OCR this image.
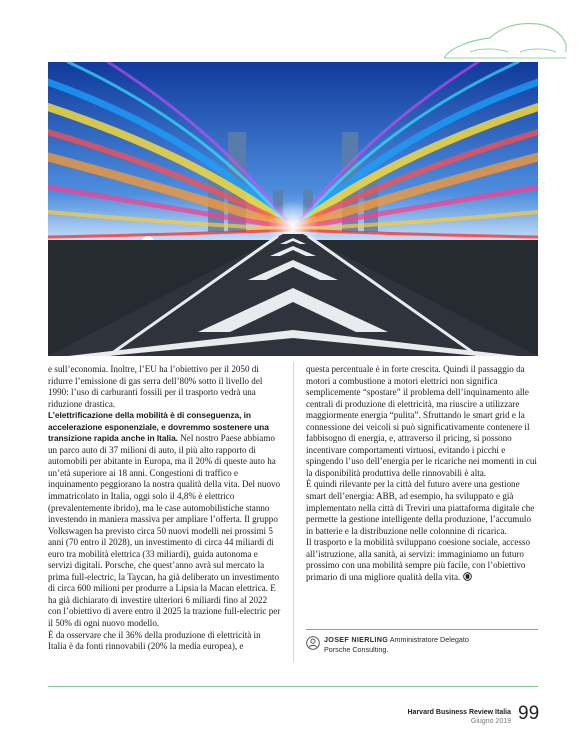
e sull’economia. Inoltre, l’EU ha l’obiettivo per il 2050 di ridurre l’emissione di gas serra dell’80% sotto il livello del 1990: l’uso di carburanti fossili per il trasporto vedrà una riduzione drastica.

L’elettrificazione della mobilità è di conseguenza, in accelerazione esponenziale, e dovremmo sostenere una transizione rapida anche in Italia. Nel nostro Paese abbiamo un parco auto di 37 milioni di auto, il più alto rapporto di automobili per abitante in Europa, ma il 20% di queste auto ha un’età superiore ai 18 anni. Congestioni di traffico e inquinamento peggiorano la nostra qualità della vita. Del nuovo immatricolato in Italia, oggi solo il 4,8% è elettrico (prevalentemente ibrido), ma le case automobilistiche stanno investendo in maniera massiva per ampliare l’offerta. Il gruppo Volkswagen ha previsto circa 50 nuovi modelli nei prossimi 5 anni (70 entro il 2028), un investimento di circa 44 miliardi di euro tra mobilità elettrica (33 miliardi), guida autonoma e servizi digitali. Porsche, che quest’anno avrà sul mercato la prima full-electric, la Taycan, ha già deliberato un investimento di circa 600 milioni per produrre a Lipsia la Macan elettrica. E ha già dichiarato di investire ulteriori 6 miliardi fino al 2022 con l’obiettivo di avere entro il 2025 la trazione full-electric per il 50% di ogni nuovo modello.

È da osservare che il 36% della produzione di elettricità in Italia è da fonti rinnovabili (20% la media europea), e

questa percentuale è in forte crescita. Quindi il passaggio da motori a combustione a motori elettrici non significa semplicemente “spostare” il problema dell’inquinamento alle centrali di produzione di elettricità, ma riuscire a utilizzare maggiormente energia “pulita”. Sfruttando le smart grid e la connessione dei veicoli si può significativamente contenere il fabbisogno di energia, e, attraverso il pricing, si possono incentivare comportamenti virtuosi, evitando i picchi e spingendo l’uso dell’energia per le ricariche nei momenti in cui la disponibilità produttiva delle rinnovabili è alta.

È quindi rilevante per la città del futuro avere una gestione smart dell’energia: ABB, ad esempio, ha sviluppato e già implementato nella città di Treviri una piattaforma digitale che permette la gestione intelligente della produzione, l’accumulo in batterie e la distribuzione nelle colonnine di ricarica.

Il trasporto e la mobilità sviluppano coesione sociale, accesso all’istruzione, alla sanità, ai servizi: immaginiamo un futuro prossimo con una mobilità sempre più facile, con l’obiettivo primario di una migliore qualità della vita.

JOSEF NIERLING Amministratore Delegato
Porsche Consulting.
Harvard Business Review Italia
Giugno 2019 99
